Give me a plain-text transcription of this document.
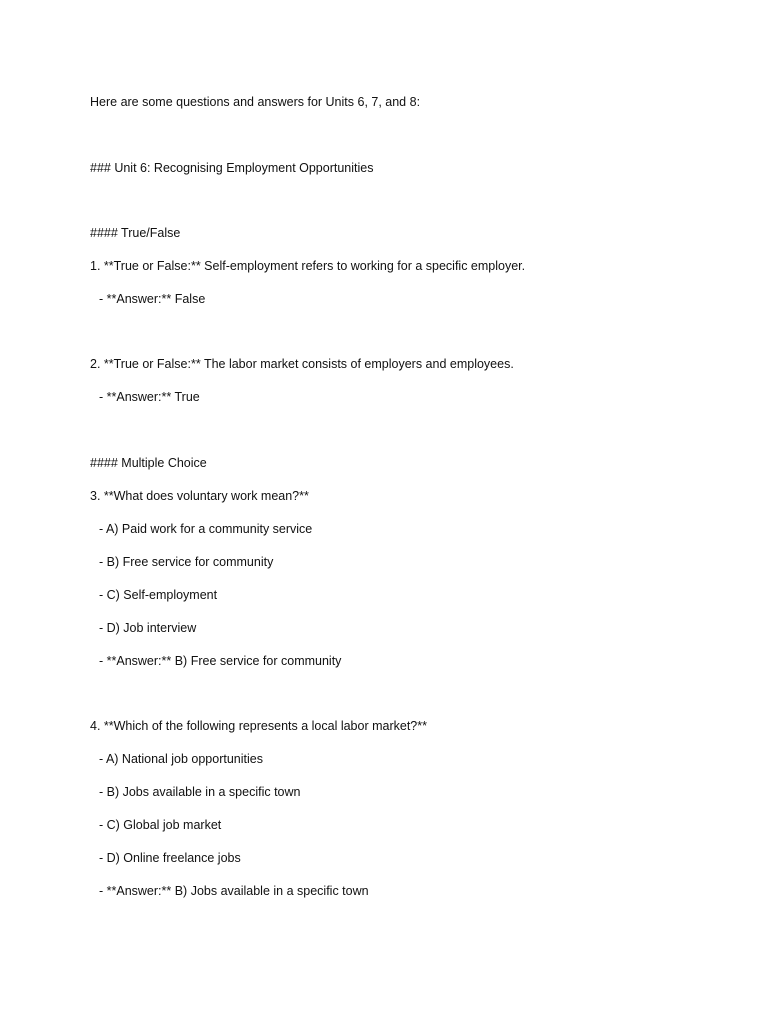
Here are some questions and answers for Units 6, 7, and 8:
### Unit 6: Recognising Employment Opportunities
#### True/False
1. **True or False:** Self-employment refers to working for a specific employer.
- **Answer:** False
2. **True or False:** The labor market consists of employers and employees.
- **Answer:** True
#### Multiple Choice
3. **What does voluntary work mean?**
- A) Paid work for a community service
- B) Free service for community
- C) Self-employment
- D) Job interview
- **Answer:** B) Free service for community
4. **Which of the following represents a local labor market?**
- A) National job opportunities
- B) Jobs available in a specific town
- C) Global job market
- D) Online freelance jobs
- **Answer:** B) Jobs available in a specific town
